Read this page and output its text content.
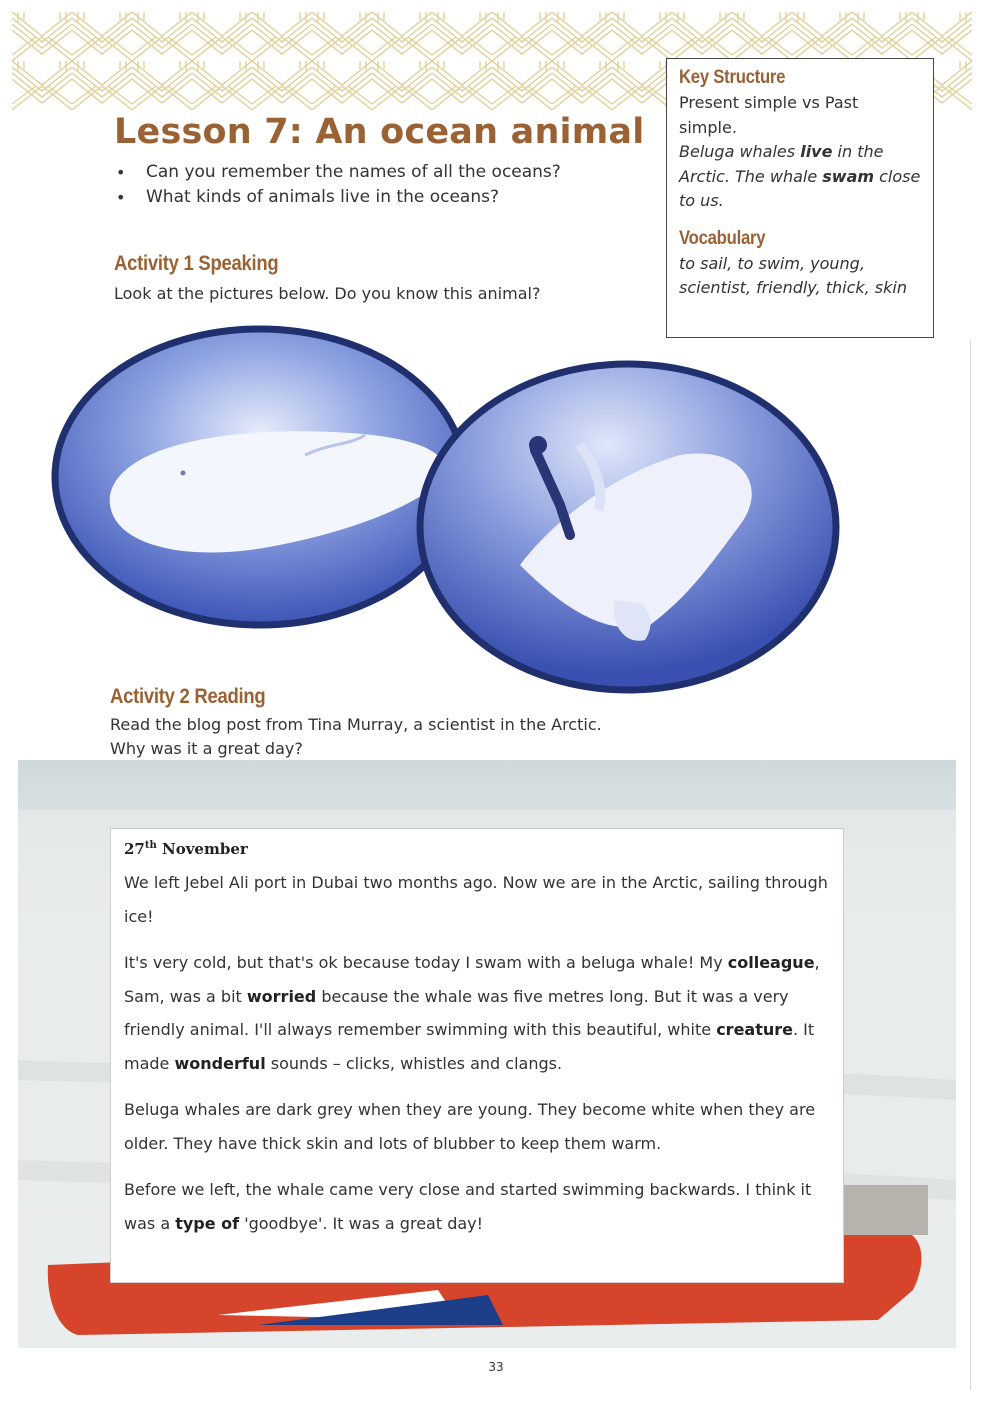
Lesson 7: An ocean animal
• Can you remember the names of all the oceans?
• What kinds of animals live in the oceans?
Key Structure
Present simple vs Past simple.
Beluga whales live in the Arctic. The whale swam close to us.
Vocabulary
to sail, to swim, young, scientist, friendly, thick, skin
Activity 1 Speaking

Look at the pictures below. Do you know this animal?

Activity 2 Reading

Read the blog post from Tina Murray, a scientist in the Arctic.

Why was it a great day?

27th November

We left Jebel Ali port in Dubai two months ago. Now we are in the Arctic, sailing through ice!

It's very cold, but that's ok because today I swam with a beluga whale! My colleague, Sam, was a bit worried because the whale was five metres long. But it was a very friendly animal. I'll always remember swimming with this beautiful, white creature. It made wonderful sounds – clicks, whistles and clangs.

Beluga whales are dark grey when they are young. They become white when they are older. They have thick skin and lots of blubber to keep them warm.

Before we left, the whale came very close and started swimming backwards. I think it was a type of 'goodbye'. It was a great day!

33
